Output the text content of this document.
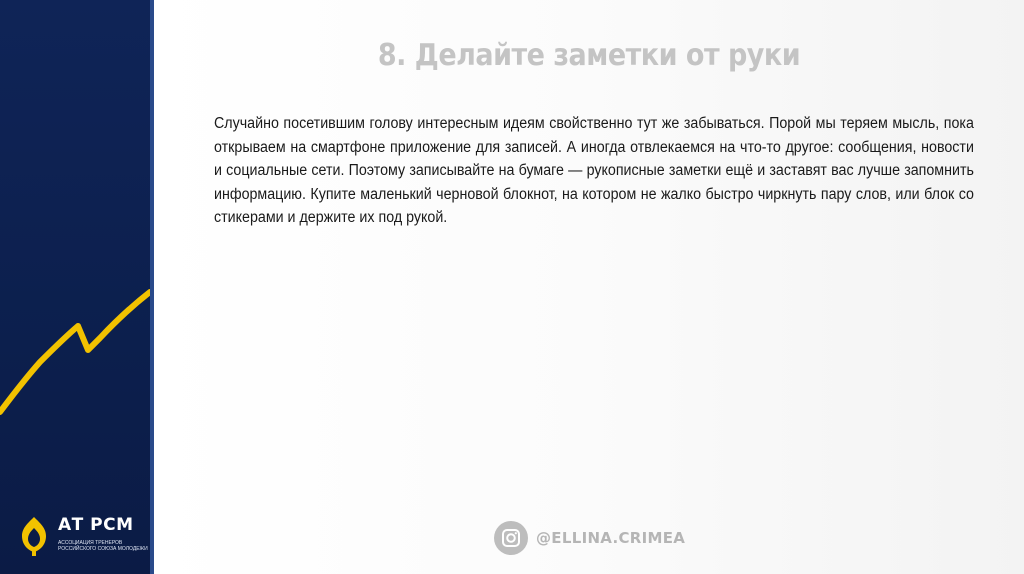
АТ РСМ
АССОЦИАЦИЯ ТРЕНЕРОВ РОССИЙСКОГО СОЮЗА МОЛОДЕЖИ
8. Делайте заметки от руки
Случайно посетившим голову интересным идеям свойственно тут же забываться. Порой мы теряем мысль, пока открываем на смартфоне приложение для записей. А иногда отвлекаемся на что-то другое: сообщения, новости и социальные сети. Поэтому записывайте на бумаге — рукописные заметки ещё и заставят вас лучше запомнить информацию. Купите маленький черновой блокнот, на котором не жалко быстро чиркнуть пару слов, или блок со стикерами и держите их под рукой.
@ELLINA.CRIMEA
